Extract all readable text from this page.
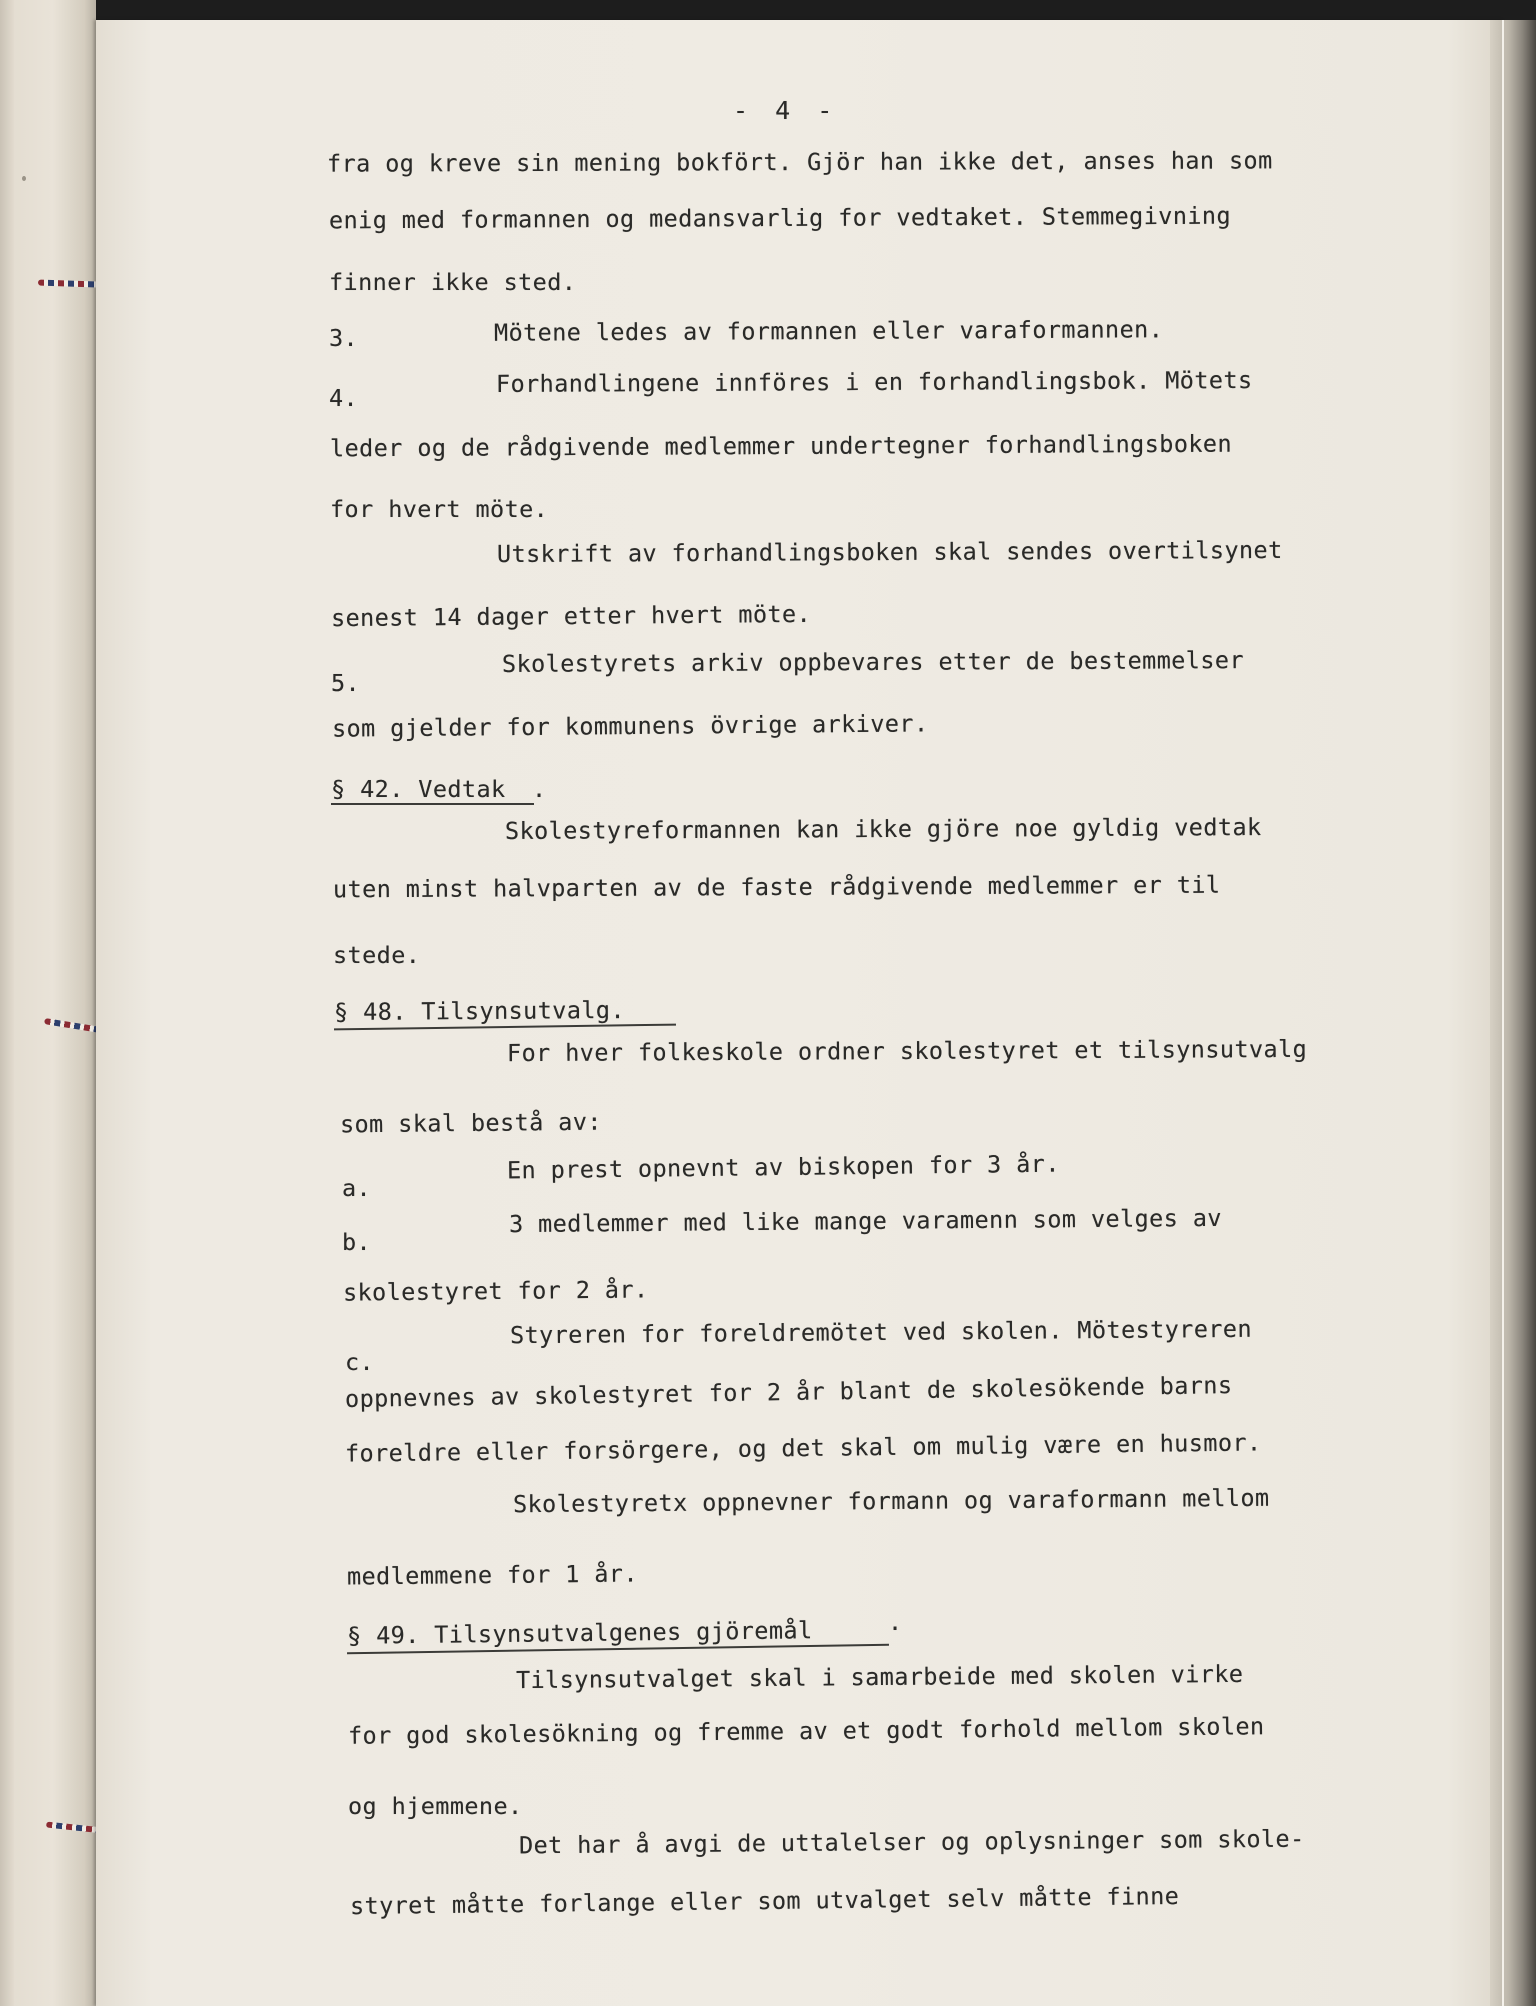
- 4 -
fra og kreve sin mening bokfört. Gjör han ikke det, anses han som
enig med formannen og medansvarlig for vedtaket. Stemmegivning
finner ikke sted.
3.	Mötene ledes av formannen eller varaformannen.
4.
Forhandlingene innföres i en forhandlingsbok. Mötets
leder og de rådgivende medlemmer undertegner forhandlingsboken
for hvert möte.
Utskrift av forhandlingsboken skal sendes overtilsynet
senest 14 dager etter hvert möte.
5.
Skolestyrets arkiv oppbevares etter de bestemmelser
som gjelder for kommunens övrige arkiver.
§ 42. Vedtak .
Skolestyreformannen kan ikke gjöre noe gyldig vedtak
uten minst halvparten av de faste rådgivende medlemmer er til
stede.
§ 48. Tilsynsutvalg.
For hver folkeskole ordner skolestyret et tilsynsutvalg
som skal bestå av:
a.
En prest opnevnt av biskopen for 3 år.
b.
3 medlemmer med like mange varamenn som velges av
skolestyret for 2 år.
c.
Styreren for foreldremötet ved skolen. Mötestyreren
oppnevnes av skolestyret for 2 år blant de skolesökende barns
foreldre eller forsörgere, og det skal om mulig være en husmor.
Skolestyretx oppnevner formann og varaformann mellom
medlemmene for 1 år.
§ 49. Tilsynsutvalgenes gjöremål	.
Tilsynsutvalget skal i samarbeide med skolen virke
for god skolesökning og fremme av et godt forhold mellom skolen
og hjemmene.
Det har å avgi de uttalelser og oplysninger som skole-
styret måtte forlange eller som utvalget selv måtte finne
